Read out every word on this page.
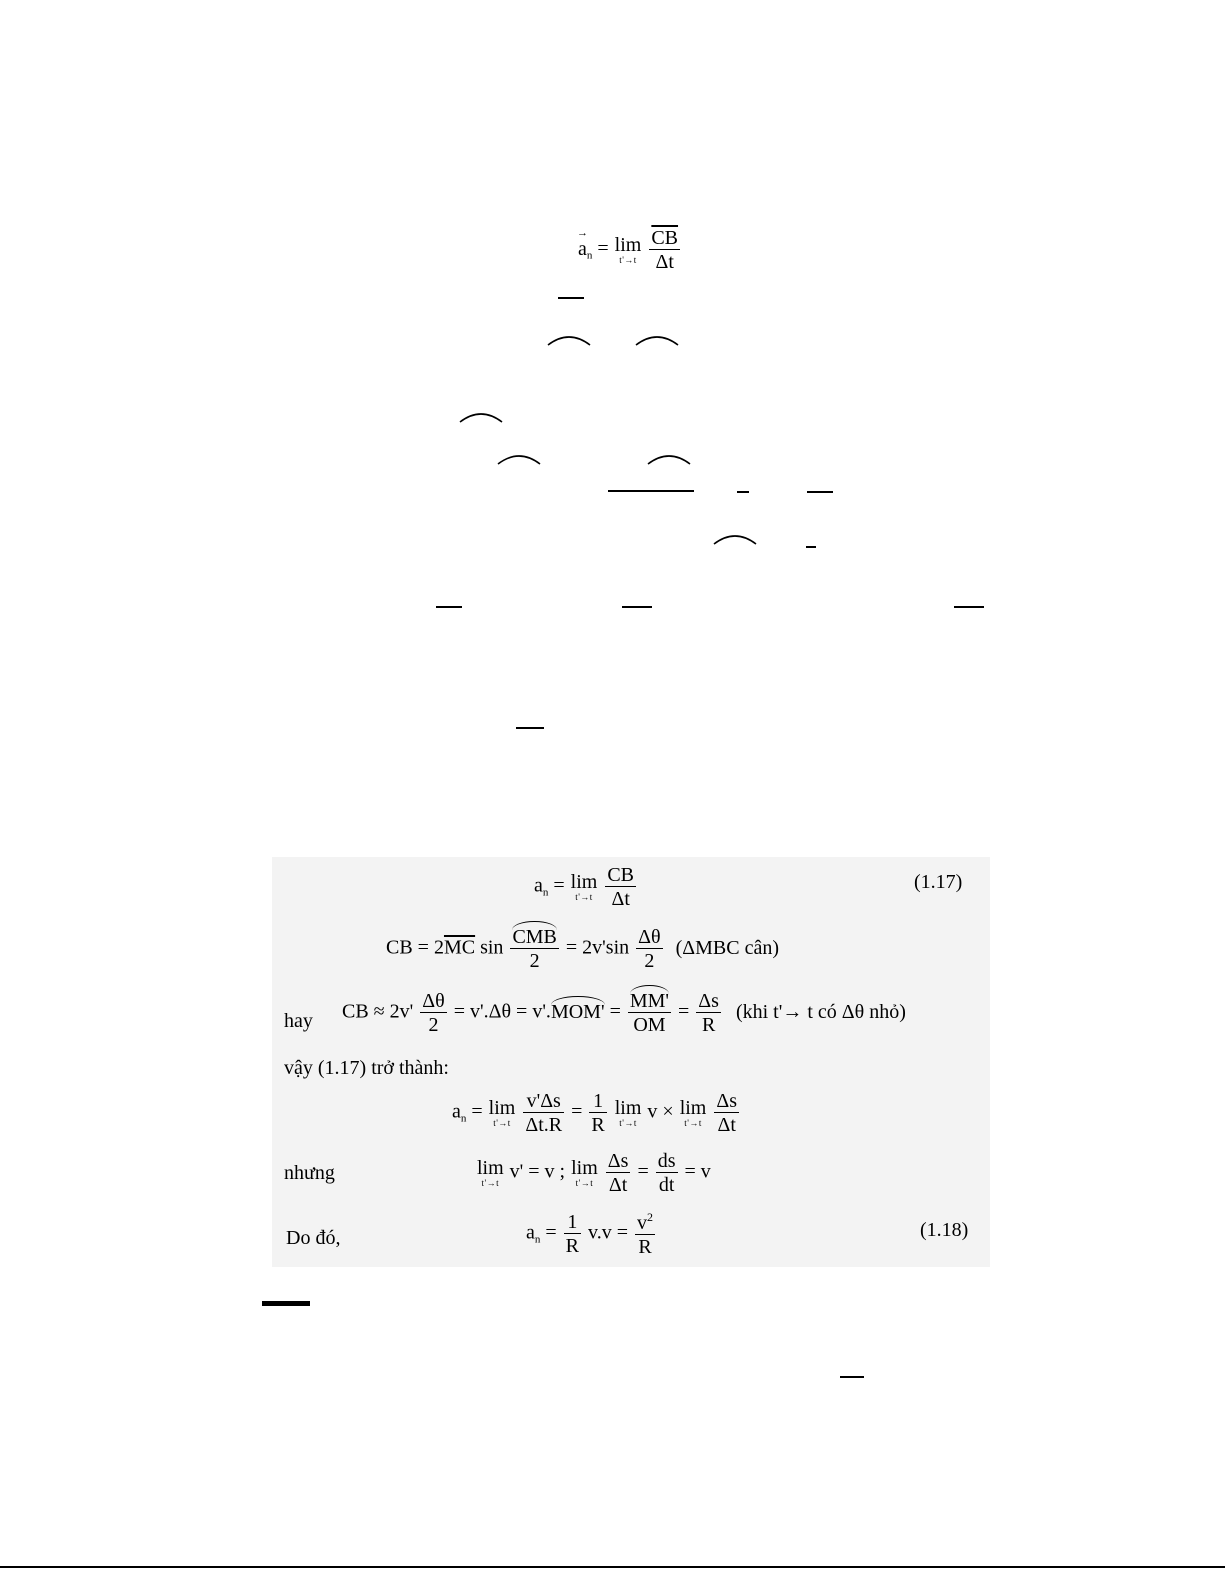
→ $a_n = \lim$
t'→t
$\frac{\overline{CB}}{\Delta t}$
$a_n = \lim$
t'→t
$\frac{CB}{\Delta t}$	(1.17)
CB = $2\overline{MC}$ $\sin \frac{\text{CMB}}{2} = 2v'\sin \frac{\Delta\theta}{2} (\Delta MBC$ cân)
hay CB ≈ $2v' \frac{\Delta\theta}{2} = v'.\Delta\theta = v'.MOM' = \frac{MM'}{OM} = \frac{\Delta s}{R} (khi$ t'→ t có Δθ nhỏ)
vậy (1.17) trở thành:
$a_n = \lim$
t'→t
$\frac{v'\Delta s}{\Delta t.R} = \frac{1}{R}$
lim
t'→t
v × lim
t'→t
$\frac{\Delta s}{\Delta t}$
nhưng	lim
t'→t
v' = v ; lim
t'→t
$\frac{\Delta s}{\Delta t} = \frac{ds}{dt} = v$
Do đó,	$a_n = \frac{1}{R} v.v = \frac{v^2}{R}$	(1.18)
